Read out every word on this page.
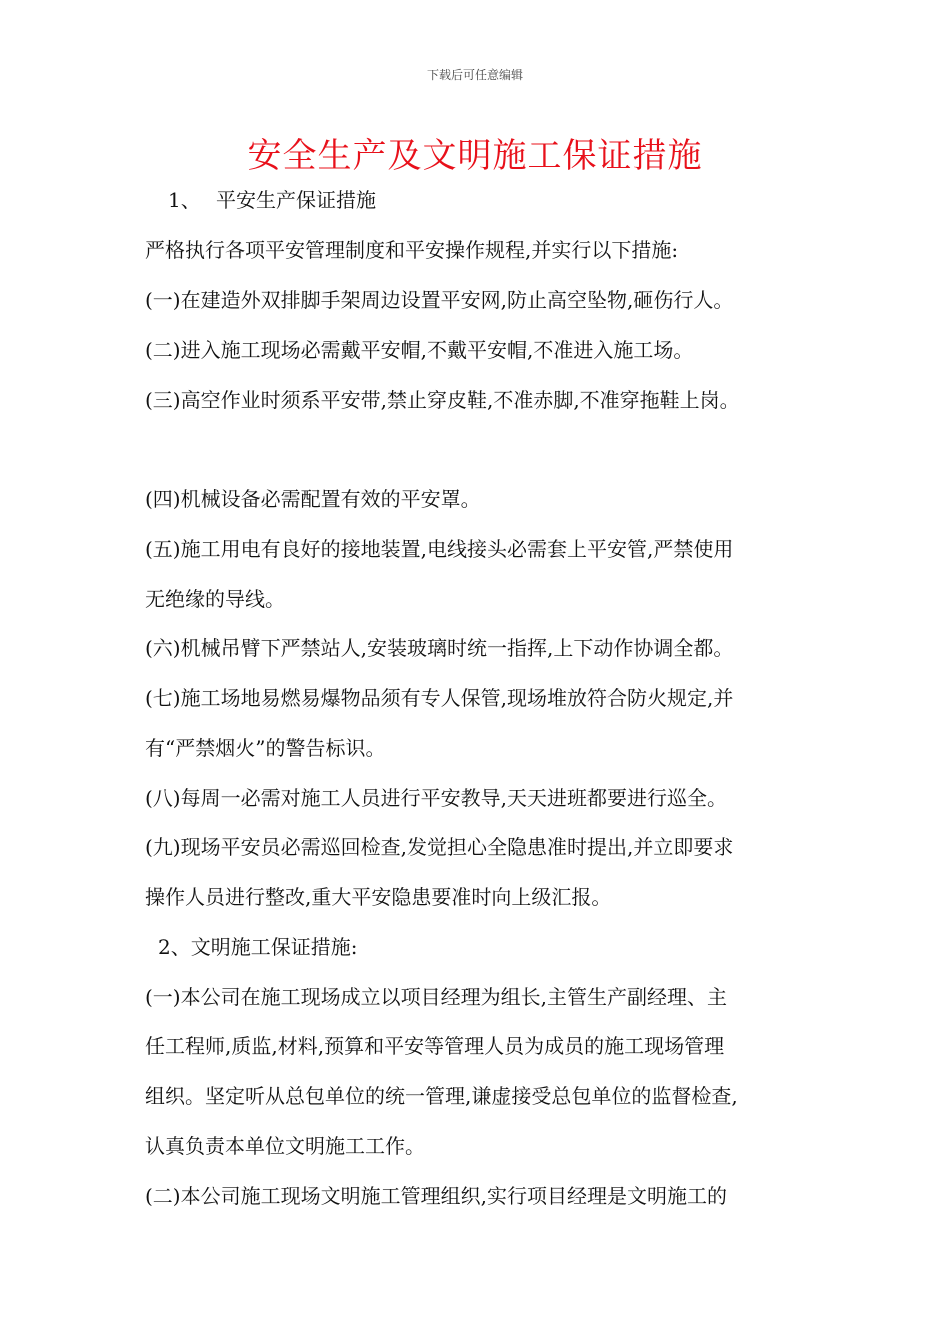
下载后可任意编辑
安全生产及文明施工保证措施
1、 平安生产保证措施
严格执行各项平安管理制度和平安操作规程,并实行以下措施:
(一)在建造外双排脚手架周边设置平安网,防止高空坠物,砸伤行人。
(二)进入施工现场必需戴平安帽,不戴平安帽,不准进入施工场。
(三)高空作业时须系平安带,禁止穿皮鞋,不准赤脚,不准穿拖鞋上岗。
(四)机械设备必需配置有效的平安罩。
(五)施工用电有良好的接地装置,电线接头必需套上平安管,严禁使用
无绝缘的导线。
(六)机械吊臂下严禁站人,安装玻璃时统一指挥,上下动作协调全都。
(七)施工场地易燃易爆物品须有专人保管,现场堆放符合防火规定,并
有“严禁烟火”的警告标识。
(八)每周一必需对施工人员进行平安教导,天天进班都要进行巡全。
(九)现场平安员必需巡回检查,发觉担心全隐患准时提出,并立即要求
操作人员进行整改,重大平安隐患要准时向上级汇报。
2、文明施工保证措施:
(一)本公司在施工现场成立以项目经理为组长,主管生产副经理、主
任工程师,质监,材料,预算和平安等管理人员为成员的施工现场管理
组织。坚定听从总包单位的统一管理,谦虚接受总包单位的监督检查,
认真负责本单位文明施工工作。
(二)本公司施工现场文明施工管理组织,实行项目经理是文明施工的
